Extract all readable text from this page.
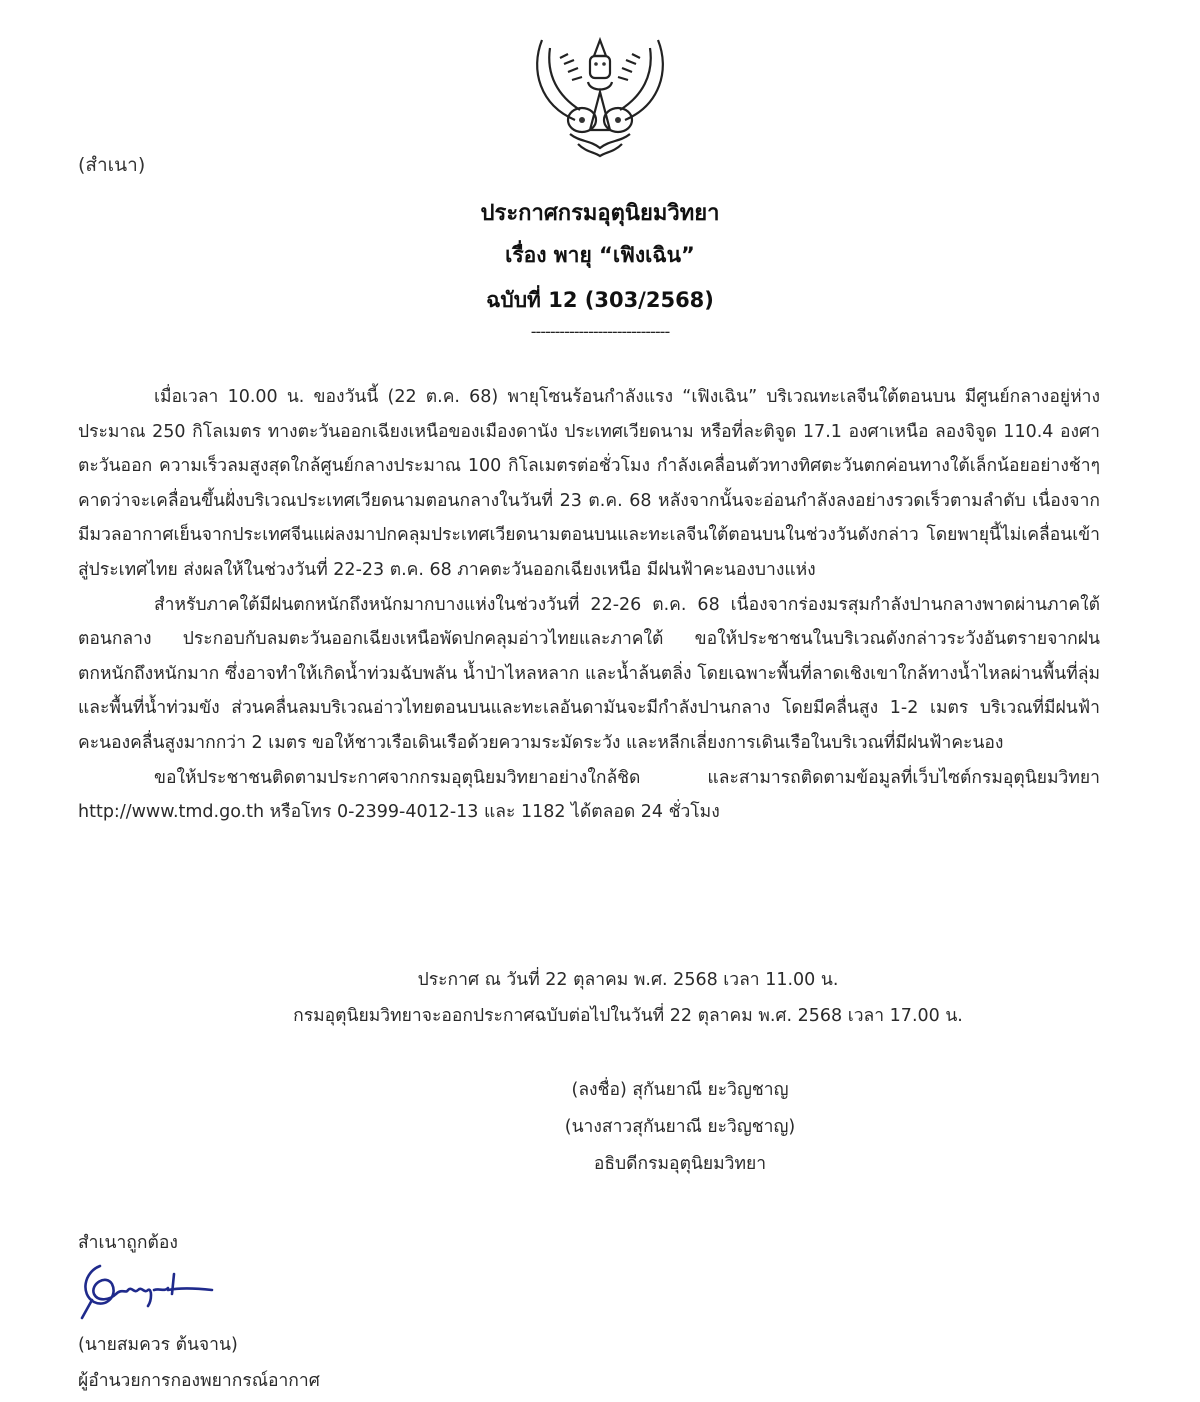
(สำเนา)
ประกาศกรมอุตุนิยมวิทยา
เรื่อง พายุ “เฟิงเฉิน”
ฉบับที่ 12 (303/2568)
-----------------------------

เมื่อเวลา 10.00 น. ของวันนี้ (22 ต.ค. 68) พายุโซนร้อนกำลังแรง “เฟิงเฉิน” บริเวณทะเลจีนใต้ตอนบน มีศูนย์กลางอยู่ห่างประมาณ 250 กิโลเมตร ทางตะวันออกเฉียงเหนือของเมืองดานัง ประเทศเวียดนาม หรือที่ละติจูด 17.1 องศาเหนือ ลองจิจูด 110.4 องศาตะวันออก ความเร็วลมสูงสุดใกล้ศูนย์กลางประมาณ 100 กิโลเมตรต่อชั่วโมง กำลังเคลื่อนตัวทางทิศตะวันตกค่อนทางใต้เล็กน้อยอย่างช้าๆ คาดว่าจะเคลื่อนขึ้นฝั่งบริเวณประเทศเวียดนามตอนกลางในวันที่ 23 ต.ค. 68 หลังจากนั้นจะอ่อนกำลังลงอย่างรวดเร็วตามลำดับ เนื่องจากมีมวลอากาศเย็นจากประเทศจีนแผ่ลงมาปกคลุมประเทศเวียดนามตอนบนและทะเลจีนใต้ตอนบนในช่วงวันดังกล่าว โดยพายุนี้ไม่เคลื่อนเข้าสู่ประเทศไทย ส่งผลให้ในช่วงวันที่ 22-23 ต.ค. 68 ภาคตะวันออกเฉียงเหนือ มีฝนฟ้าคะนองบางแห่ง

สำหรับภาคใต้มีฝนตกหนักถึงหนักมากบางแห่งในช่วงวันที่ 22-26 ต.ค. 68 เนื่องจากร่องมรสุมกำลังปานกลางพาดผ่านภาคใต้ตอนกลาง ประกอบกับลมตะวันออกเฉียงเหนือพัดปกคลุมอ่าวไทยและภาคใต้ ขอให้ประชาชนในบริเวณดังกล่าวระวังอันตรายจากฝนตกหนักถึงหนักมาก ซึ่งอาจทำให้เกิดน้ำท่วมฉับพลัน น้ำป่าไหลหลาก และน้ำล้นตลิ่ง โดยเฉพาะพื้นที่ลาดเชิงเขาใกล้ทางน้ำไหลผ่านพื้นที่ลุ่ม และพื้นที่น้ำท่วมขัง ส่วนคลื่นลมบริเวณอ่าวไทยตอนบนและทะเลอันดามันจะมีกำลังปานกลาง โดยมีคลื่นสูง 1-2 เมตร บริเวณที่มีฝนฟ้าคะนองคลื่นสูงมากกว่า 2 เมตร ขอให้ชาวเรือเดินเรือด้วยความระมัดระวัง และหลีกเลี่ยงการเดินเรือในบริเวณที่มีฝนฟ้าคะนอง

ขอให้ประชาชนติดตามประกาศจากกรมอุตุนิยมวิทยาอย่างใกล้ชิด และสามารถติดตามข้อมูลที่เว็บไซต์กรมอุตุนิยมวิทยา http://www.tmd.go.th หรือโทร 0-2399-4012-13 และ 1182 ได้ตลอด 24 ชั่วโมง

ประกาศ ณ วันที่ 22 ตุลาคม พ.ศ. 2568 เวลา 11.00 น.
กรมอุตุนิยมวิทยาจะออกประกาศฉบับต่อไปในวันที่ 22 ตุลาคม พ.ศ. 2568 เวลา 17.00 น.
(ลงชื่อ) สุกันยาณี ยะวิญชาญ
(นางสาวสุกันยาณี ยะวิญชาญ)
อธิบดีกรมอุตุนิยมวิทยา
สำเนาถูกต้อง
(นายสมควร ต้นจาน)
ผู้อำนวยการกองพยากรณ์อากาศ
